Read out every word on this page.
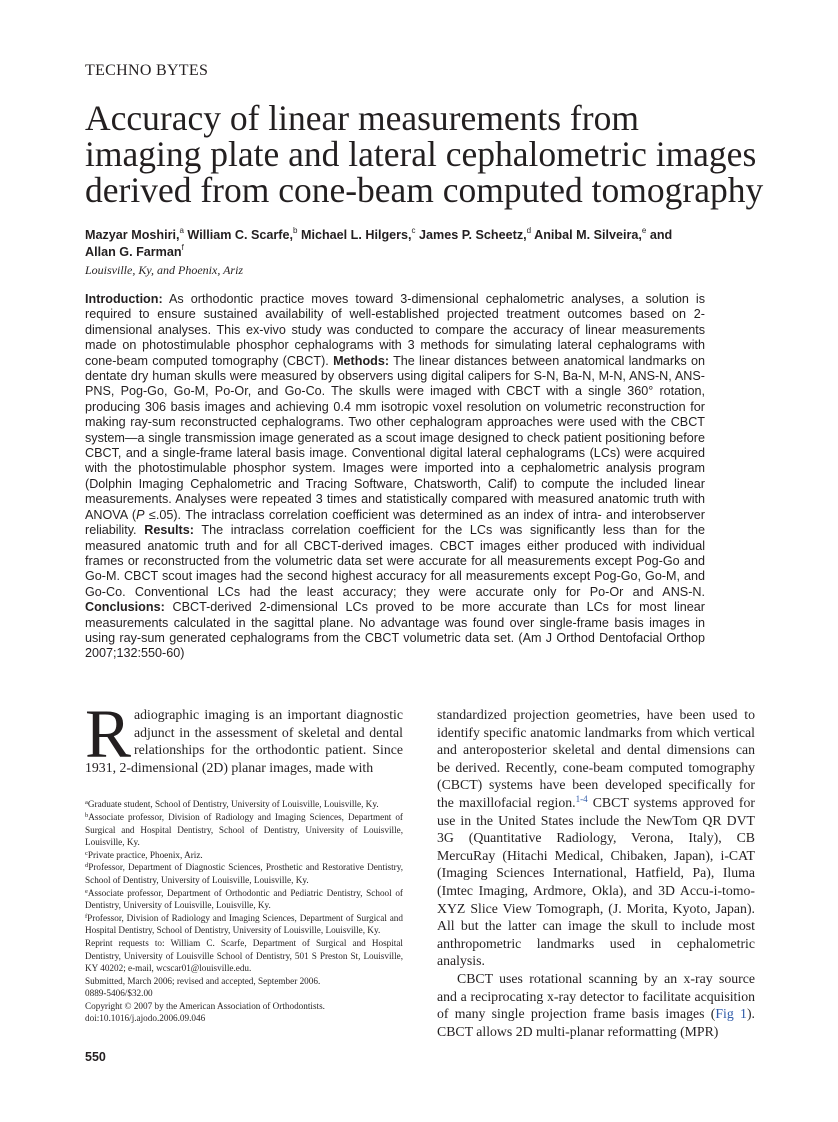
TECHNO BYTES
Accuracy of linear measurements from
imaging plate and lateral cephalometric images
derived from cone-beam computed tomography
Mazyar Moshiri,$^a$ William C. Scarfe,$^b$ Michael L. Hilgers,$^c$ James P. Scheetz,$^d$ Anibal M. Silveira,$^e$ and
Allan G. Farman$^f$
Louisville, Ky, and Phoenix, Ariz
Introduction: As orthodontic practice moves toward 3-dimensional cephalometric analyses, a solution is required to ensure sustained availability of well-established projected treatment outcomes based on 2-dimensional analyses. This ex-vivo study was conducted to compare the accuracy of linear measurements made on photostimulable phosphor cephalograms with 3 methods for simulating lateral cephalograms with cone-beam computed tomography (CBCT). Methods: The linear distances between anatomical landmarks on dentate dry human skulls were measured by observers using digital calipers for S-N, Ba-N, M-N, ANS-N, ANS-PNS, Pog-Go, Go-M, Po-Or, and Go-Co. The skulls were imaged with CBCT with a single 360° rotation, producing 306 basis images and achieving 0.4 mm isotropic voxel resolution on volumetric reconstruction for making ray-sum reconstructed cephalograms. Two other cephalogram approaches were used with the CBCT system—a single transmission image generated as a scout image designed to check patient positioning before CBCT, and a single-frame lateral basis image. Conventional digital lateral cephalograms (LCs) were acquired with the photostimulable phosphor system. Images were imported into a cephalometric analysis program (Dolphin Imaging Cephalometric and Tracing Software, Chatsworth, Calif) to compute the included linear measurements. Analyses were repeated 3 times and statistically compared with measured anatomic truth with ANOVA (P ≤.05). The intraclass correlation coefficient was determined as an index of intra- and interobserver reliability. Results: The intraclass correlation coefficient for the LCs was significantly less than for the measured anatomic truth and for all CBCT-derived images. CBCT images either produced with individual frames or reconstructed from the volumetric data set were accurate for all measurements except Pog-Go and Go-M. CBCT scout images had the second highest accuracy for all measurements except Pog-Go, Go-M, and Go-Co. Conventional LCs had the least accuracy; they were accurate only for Po-Or and ANS-N. Conclusions: CBCT-derived 2-dimensional LCs proved to be more accurate than LCs for most linear measurements calculated in the sagittal plane. No advantage was found over single-frame basis images in using ray-sum generated cephalograms from the CBCT volumetric data set. (Am J Orthod Dentofacial Orthop 2007;132:550-60)

Radiographic imaging is an important diagnostic adjunct in the assessment of skeletal and dental relationships for the orthodontic patient. Since 1931, 2-dimensional (2D) planar images, made with

$^a$Graduate student, School of Dentistry, University of Louisville, Louisville, Ky.
$^b$Associate professor, Division of Radiology and Imaging Sciences, Department of Surgical and Hospital Dentistry, School of Dentistry, University of Louisville, Louisville, Ky.
$^c$Private practice, Phoenix, Ariz.
$^d$Professor, Department of Diagnostic Sciences, Prosthetic and Restorative Dentistry, School of Dentistry, University of Louisville, Louisville, Ky.
$^e$Associate professor, Department of Orthodontic and Pediatric Dentistry, School of Dentistry, University of Louisville, Louisville, Ky.
$^f$Professor, Division of Radiology and Imaging Sciences, Department of Surgical and Hospital Dentistry, School of Dentistry, University of Louisville, Louisville, Ky.
Reprint requests to: William C. Scarfe, Department of Surgical and Hospital Dentistry, University of Louisville School of Dentistry, 501 S Preston St, Louisville, KY 40202; e-mail, wcscar01@louisville.edu.
Submitted, March 2006; revised and accepted, September 2006.
0889-5406/$32.00
Copyright © 2007 by the American Association of Orthodontists.
doi:10.1016/j.ajodo.2006.09.046

standardized projection geometries, have been used to identify specific anatomic landmarks from which vertical and anteroposterior skeletal and dental dimensions can be derived. Recently, cone-beam computed tomography (CBCT) systems have been developed specifically for the maxillofacial region.$^{1-4}$ CBCT systems approved for use in the United States include the NewTom QR DVT 3G (Quantitative Radiology, Verona, Italy), CB MercuRay (Hitachi Medical, Chibaken, Japan), i-CAT (Imaging Sciences International, Hatfield, Pa), Iluma (Imtec Imaging, Ardmore, Okla), and 3D Accu-i-tomo-XYZ Slice View Tomograph, (J. Morita, Kyoto, Japan). All but the latter can image the skull to include most anthropometric landmarks used in cephalometric analysis.

CBCT uses rotational scanning by an x-ray source and a reciprocating x-ray detector to facilitate acquisition of many single projection frame basis images (Fig 1). CBCT allows 2D multi-planar reformatting (MPR)

550
